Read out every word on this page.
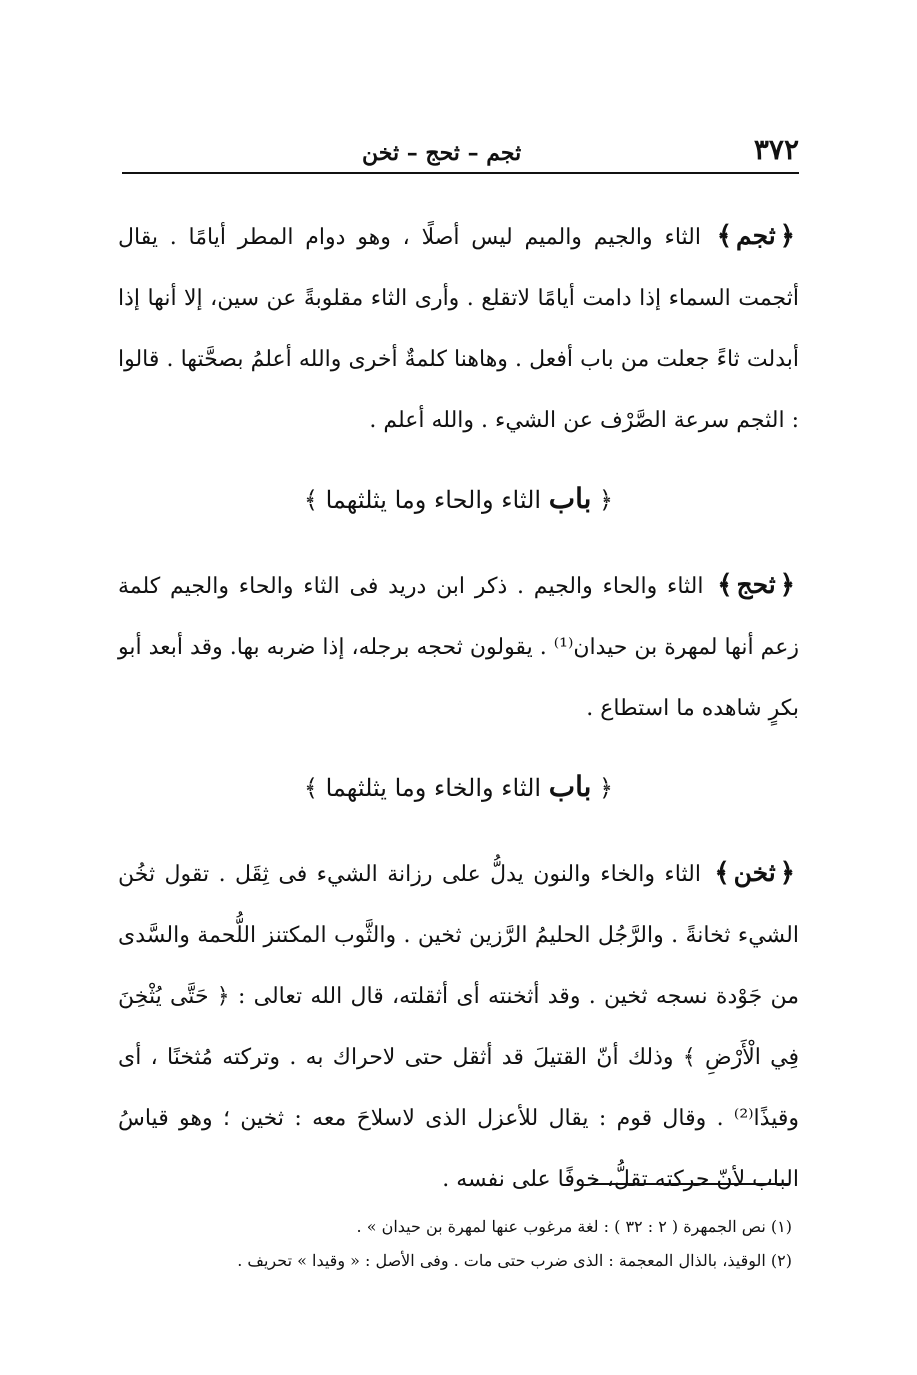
٣٧٢
ثجم – ثحج – ثخن

﴿ثجم﴾ الثاء والجيم والميم ليس أصلًا ، وهو دوام المطر أيامًا . يقال أثجمت السماء إذا دامت أيامًا لاتقلع . وأرى الثاء مقلوبةً عن سين، إلا أنها إذا أبدلت ثاءً جعلت من باب أفعل . وهاهنا كلمةٌ أخرى والله أعلمُ بصحَّتها . قالوا : الثجم سرعة الصَّرْف عن الشيء . والله أعلم .

﴿ باب الثاء والحاء وما يثلثهما ﴾

﴿ثحج﴾ الثاء والحاء والجيم . ذكر ابن دريد فى الثاء والحاء والجيم كلمة زعم أنها لمهرة بن حيدان⁽¹⁾ . يقولون ثحجه برجله، إذا ضربه بها. وقد أبعد أبو بكرٍ شاهده ما استطاع .

﴿ باب الثاء والخاء وما يثلثهما ﴾

﴿ثخن﴾ الثاء والخاء والنون يدلُّ على رزانة الشيء فى ثِقَل . تقول ثخُن الشيء ثخانةً . والرَّجُل الحليمُ الرَّزين ثخين . والثَّوب المكتنز اللُّحمة والسَّدى من جَوْدة نسجه ثخين . وقد أثخنته أى أثقلته، قال الله تعالى : ﴿ حَتَّى يُثْخِنَ فِي الْأَرْضِ ﴾ وذلك أنّ القتيلَ قد أثقل حتى لاحراك به . وتركته مُثخنًا ، أى وقيذًا⁽²⁾ . وقال قوم : يقال للأعزل الذى لاسلاحَ معه : ثخين ؛ وهو قياسُ الباب لأنّ حركته تقلُّ، خوفًا على نفسه .

(١) نص الجمهرة ( ٢ : ٣٢ ) : لغة مرغوب عنها لمهرة بن حيدان » .
(٢) الوقيذ، بالذال المعجمة : الذى ضرب حتى مات . وفى الأصل : « وقيدا » تحريف .
